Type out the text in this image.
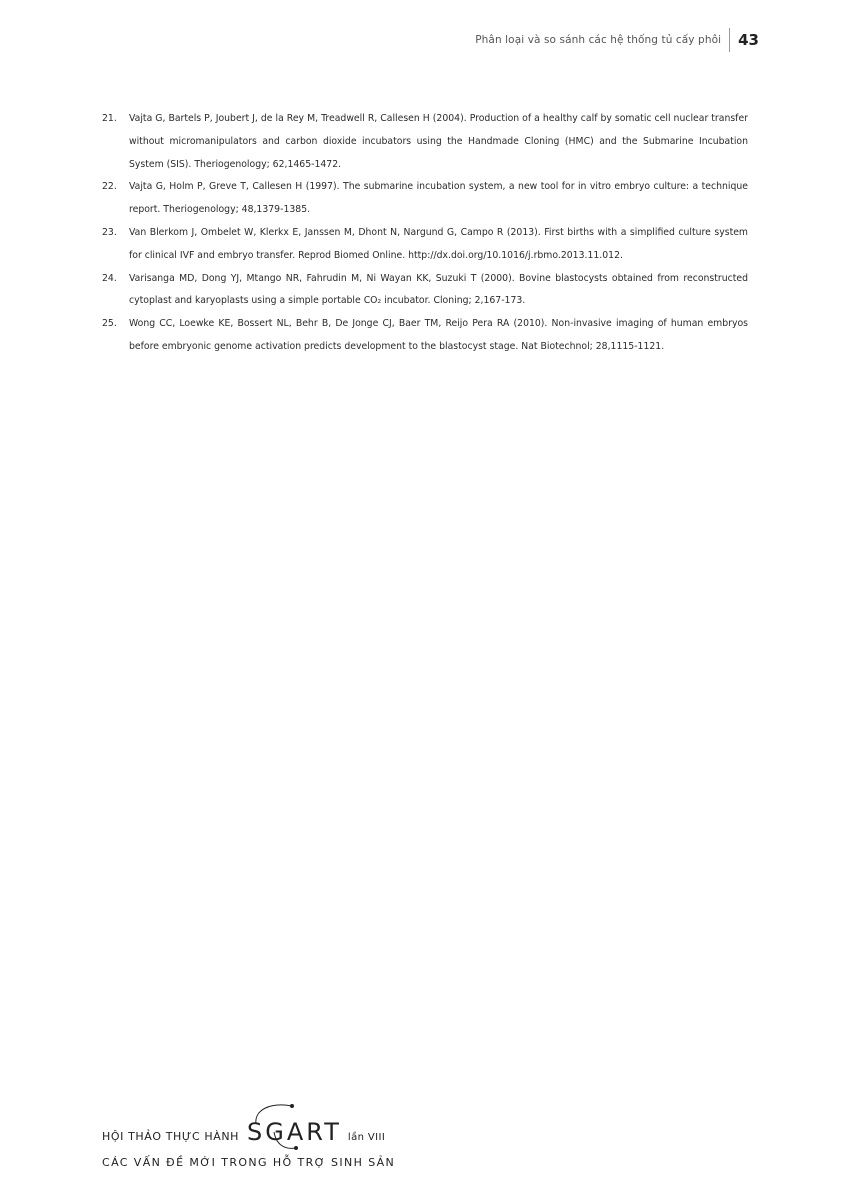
Phân loại và so sánh các hệ thống tủ cấy phôi	43
21.	Vajta G, Bartels P, Joubert J, de la Rey M, Treadwell R, Callesen H (2004). Production of a healthy calf by somatic cell nuclear transfer without micromanipulators and carbon dioxide incubators using the Handmade Cloning (HMC) and the Submarine Incubation System (SIS). Theriogenology; 62,1465-1472.
22.	Vajta G, Holm P, Greve T, Callesen H (1997). The submarine incubation system, a new tool for in vitro embryo culture: a technique report. Theriogenology; 48,1379-1385.
23.	Van Blerkom J, Ombelet W, Klerkx E, Janssen M, Dhont N, Nargund G, Campo R (2013). First births with a simplified culture system for clinical IVF and embryo transfer. Reprod Biomed Online. http://dx.doi.org/10.1016/j.rbmo.2013.11.012.
24.	Varisanga MD, Dong YJ, Mtango NR, Fahrudin M, Ni Wayan KK, Suzuki T (2000). Bovine blastocysts obtained from reconstructed cytoplast and karyoplasts using a simple portable CO₂ incubator. Cloning; 2,167-173.
25.	Wong CC, Loewke KE, Bossert NL, Behr B, De Jonge CJ, Baer TM, Reijo Pera RA (2010). Non-invasive imaging of human embryos before embryonic genome activation predicts development to the blastocyst stage. Nat Biotechnol; 28,1115-1121.
HỘI THẢO THỰC HÀNH SGART lần VIII
CÁC VẤN ĐỀ MỚI TRONG HỖ TRỢ SINH SẢN
